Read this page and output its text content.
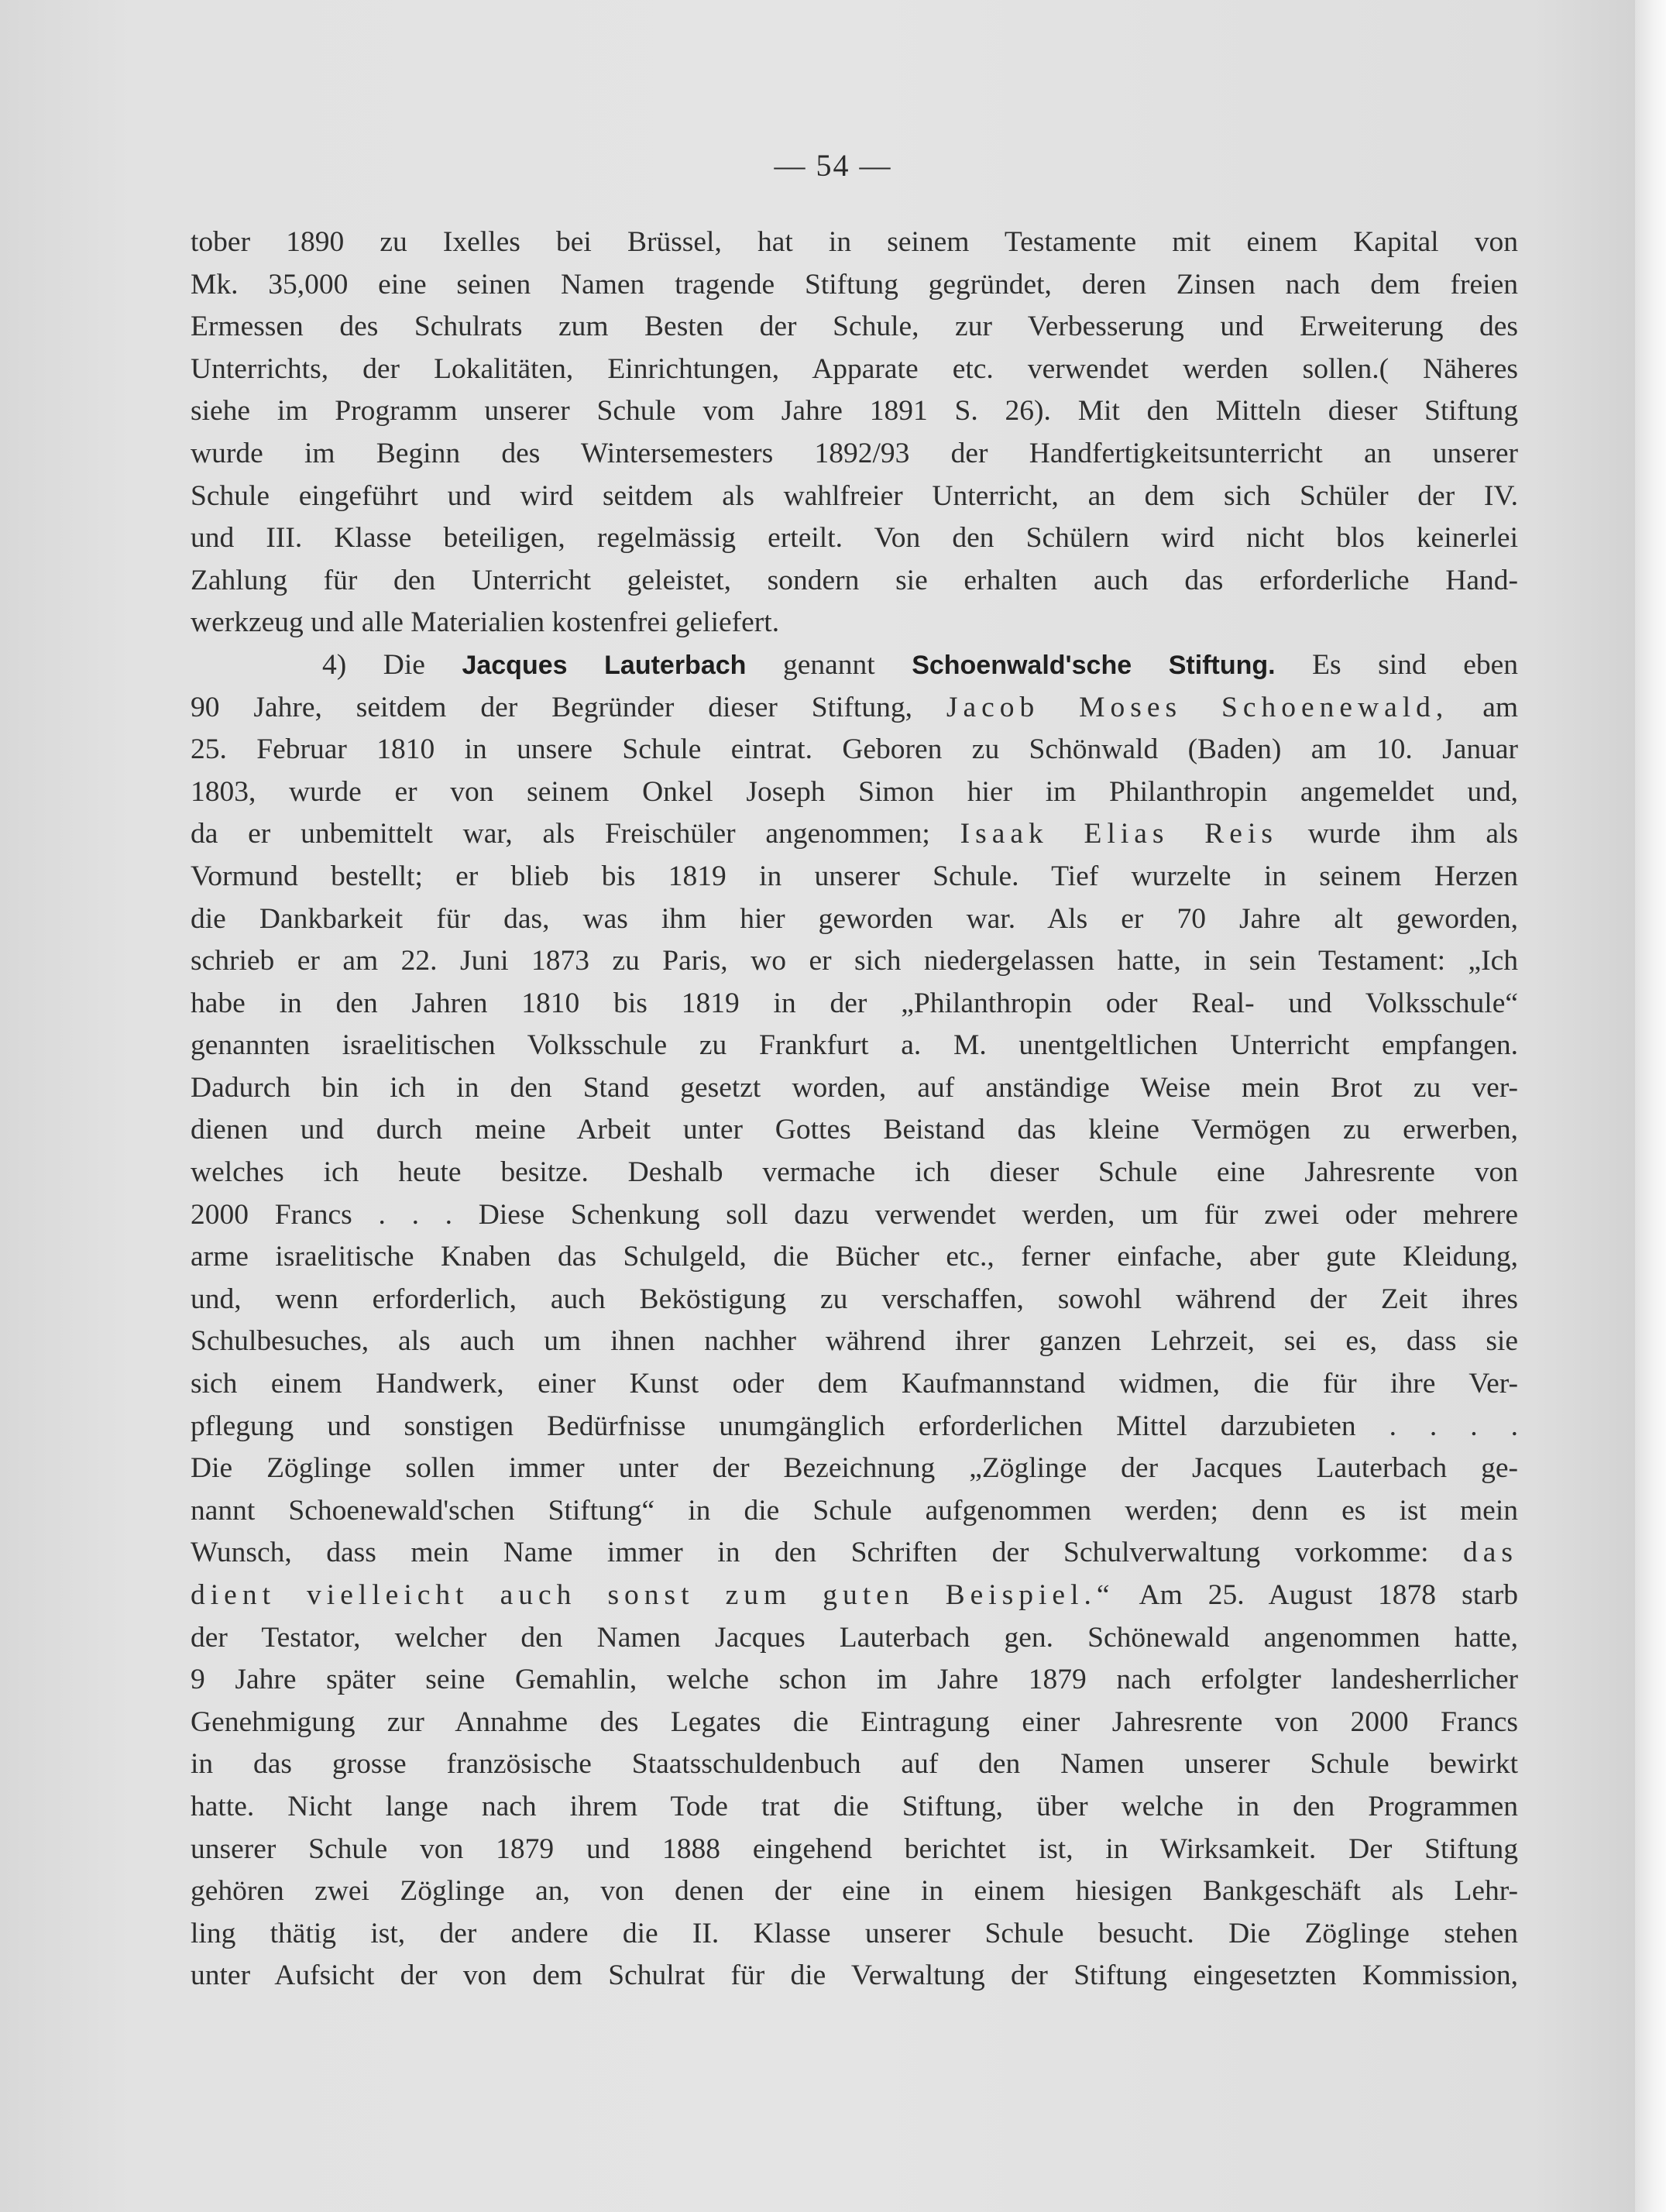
— 54 —
tober 1890 zu Ixelles bei Brüssel, hat in seinem Testamente mit einem Kapital von
Mk. 35,000 eine seinen Namen tragende Stiftung gegründet, deren Zinsen nach dem freien
Ermessen des Schulrats zum Besten der Schule, zur Verbesserung und Erweiterung des
Unterrichts, der Lokalitäten, Einrichtungen, Apparate etc. verwendet werden sollen.( Näheres
siehe im Programm unserer Schule vom Jahre 1891 S. 26). Mit den Mitteln dieser Stiftung
wurde im Beginn des Wintersemesters 1892/93 der Handfertigkeitsunterricht an unserer
Schule eingeführt und wird seitdem als wahlfreier Unterricht, an dem sich Schüler der IV.
und III. Klasse beteiligen, regelmässig erteilt. Von den Schülern wird nicht blos keinerlei
Zahlung für den Unterricht geleistet, sondern sie erhalten auch das erforderliche Hand-
werkzeug und alle Materialien kostenfrei geliefert.
4) Die Jacques Lauterbach genannt Schoenwald'sche Stiftung. Es sind eben
90 Jahre, seitdem der Begründer dieser Stiftung, Jacob Moses Schoenewald, am
25. Februar 1810 in unsere Schule eintrat. Geboren zu Schönwald (Baden) am 10. Januar
1803, wurde er von seinem Onkel Joseph Simon hier im Philanthropin angemeldet und,
da er unbemittelt war, als Freischüler angenommen; Isaak Elias Reis wurde ihm als
Vormund bestellt; er blieb bis 1819 in unserer Schule. Tief wurzelte in seinem Herzen
die Dankbarkeit für das, was ihm hier geworden war. Als er 70 Jahre alt geworden,
schrieb er am 22. Juni 1873 zu Paris, wo er sich niedergelassen hatte, in sein Testament: „Ich
habe in den Jahren 1810 bis 1819 in der „Philanthropin oder Real- und Volksschule“
genannten israelitischen Volksschule zu Frankfurt a. M. unentgeltlichen Unterricht empfangen.
Dadurch bin ich in den Stand gesetzt worden, auf anständige Weise mein Brot zu ver-
dienen und durch meine Arbeit unter Gottes Beistand das kleine Vermögen zu erwerben,
welches ich heute besitze. Deshalb vermache ich dieser Schule eine Jahresrente von
2000 Francs . . . Diese Schenkung soll dazu verwendet werden, um für zwei oder mehrere
arme israelitische Knaben das Schulgeld, die Bücher etc., ferner einfache, aber gute Kleidung,
und, wenn erforderlich, auch Beköstigung zu verschaffen, sowohl während der Zeit ihres
Schulbesuches, als auch um ihnen nachher während ihrer ganzen Lehrzeit, sei es, dass sie
sich einem Handwerk, einer Kunst oder dem Kaufmannstand widmen, die für ihre Ver-
pflegung und sonstigen Bedürfnisse unumgänglich erforderlichen Mittel darzubieten . . . .
Die Zöglinge sollen immer unter der Bezeichnung „Zöglinge der Jacques Lauterbach ge-
nannt Schoenewald'schen Stiftung“ in die Schule aufgenommen werden; denn es ist mein
Wunsch, dass mein Name immer in den Schriften der Schulverwaltung vorkomme: das
dient vielleicht auch sonst zum guten Beispiel.“ Am 25. August 1878 starb
der Testator, welcher den Namen Jacques Lauterbach gen. Schönewald angenommen hatte,
9 Jahre später seine Gemahlin, welche schon im Jahre 1879 nach erfolgter landesherrlicher
Genehmigung zur Annahme des Legates die Eintragung einer Jahresrente von 2000 Francs
in das grosse französische Staatsschuldenbuch auf den Namen unserer Schule bewirkt
hatte. Nicht lange nach ihrem Tode trat die Stiftung, über welche in den Programmen
unserer Schule von 1879 und 1888 eingehend berichtet ist, in Wirksamkeit. Der Stiftung
gehören zwei Zöglinge an, von denen der eine in einem hiesigen Bankgeschäft als Lehr-
ling thätig ist, der andere die II. Klasse unserer Schule besucht. Die Zöglinge stehen
unter Aufsicht der von dem Schulrat für die Verwaltung der Stiftung eingesetzten Kommission,
